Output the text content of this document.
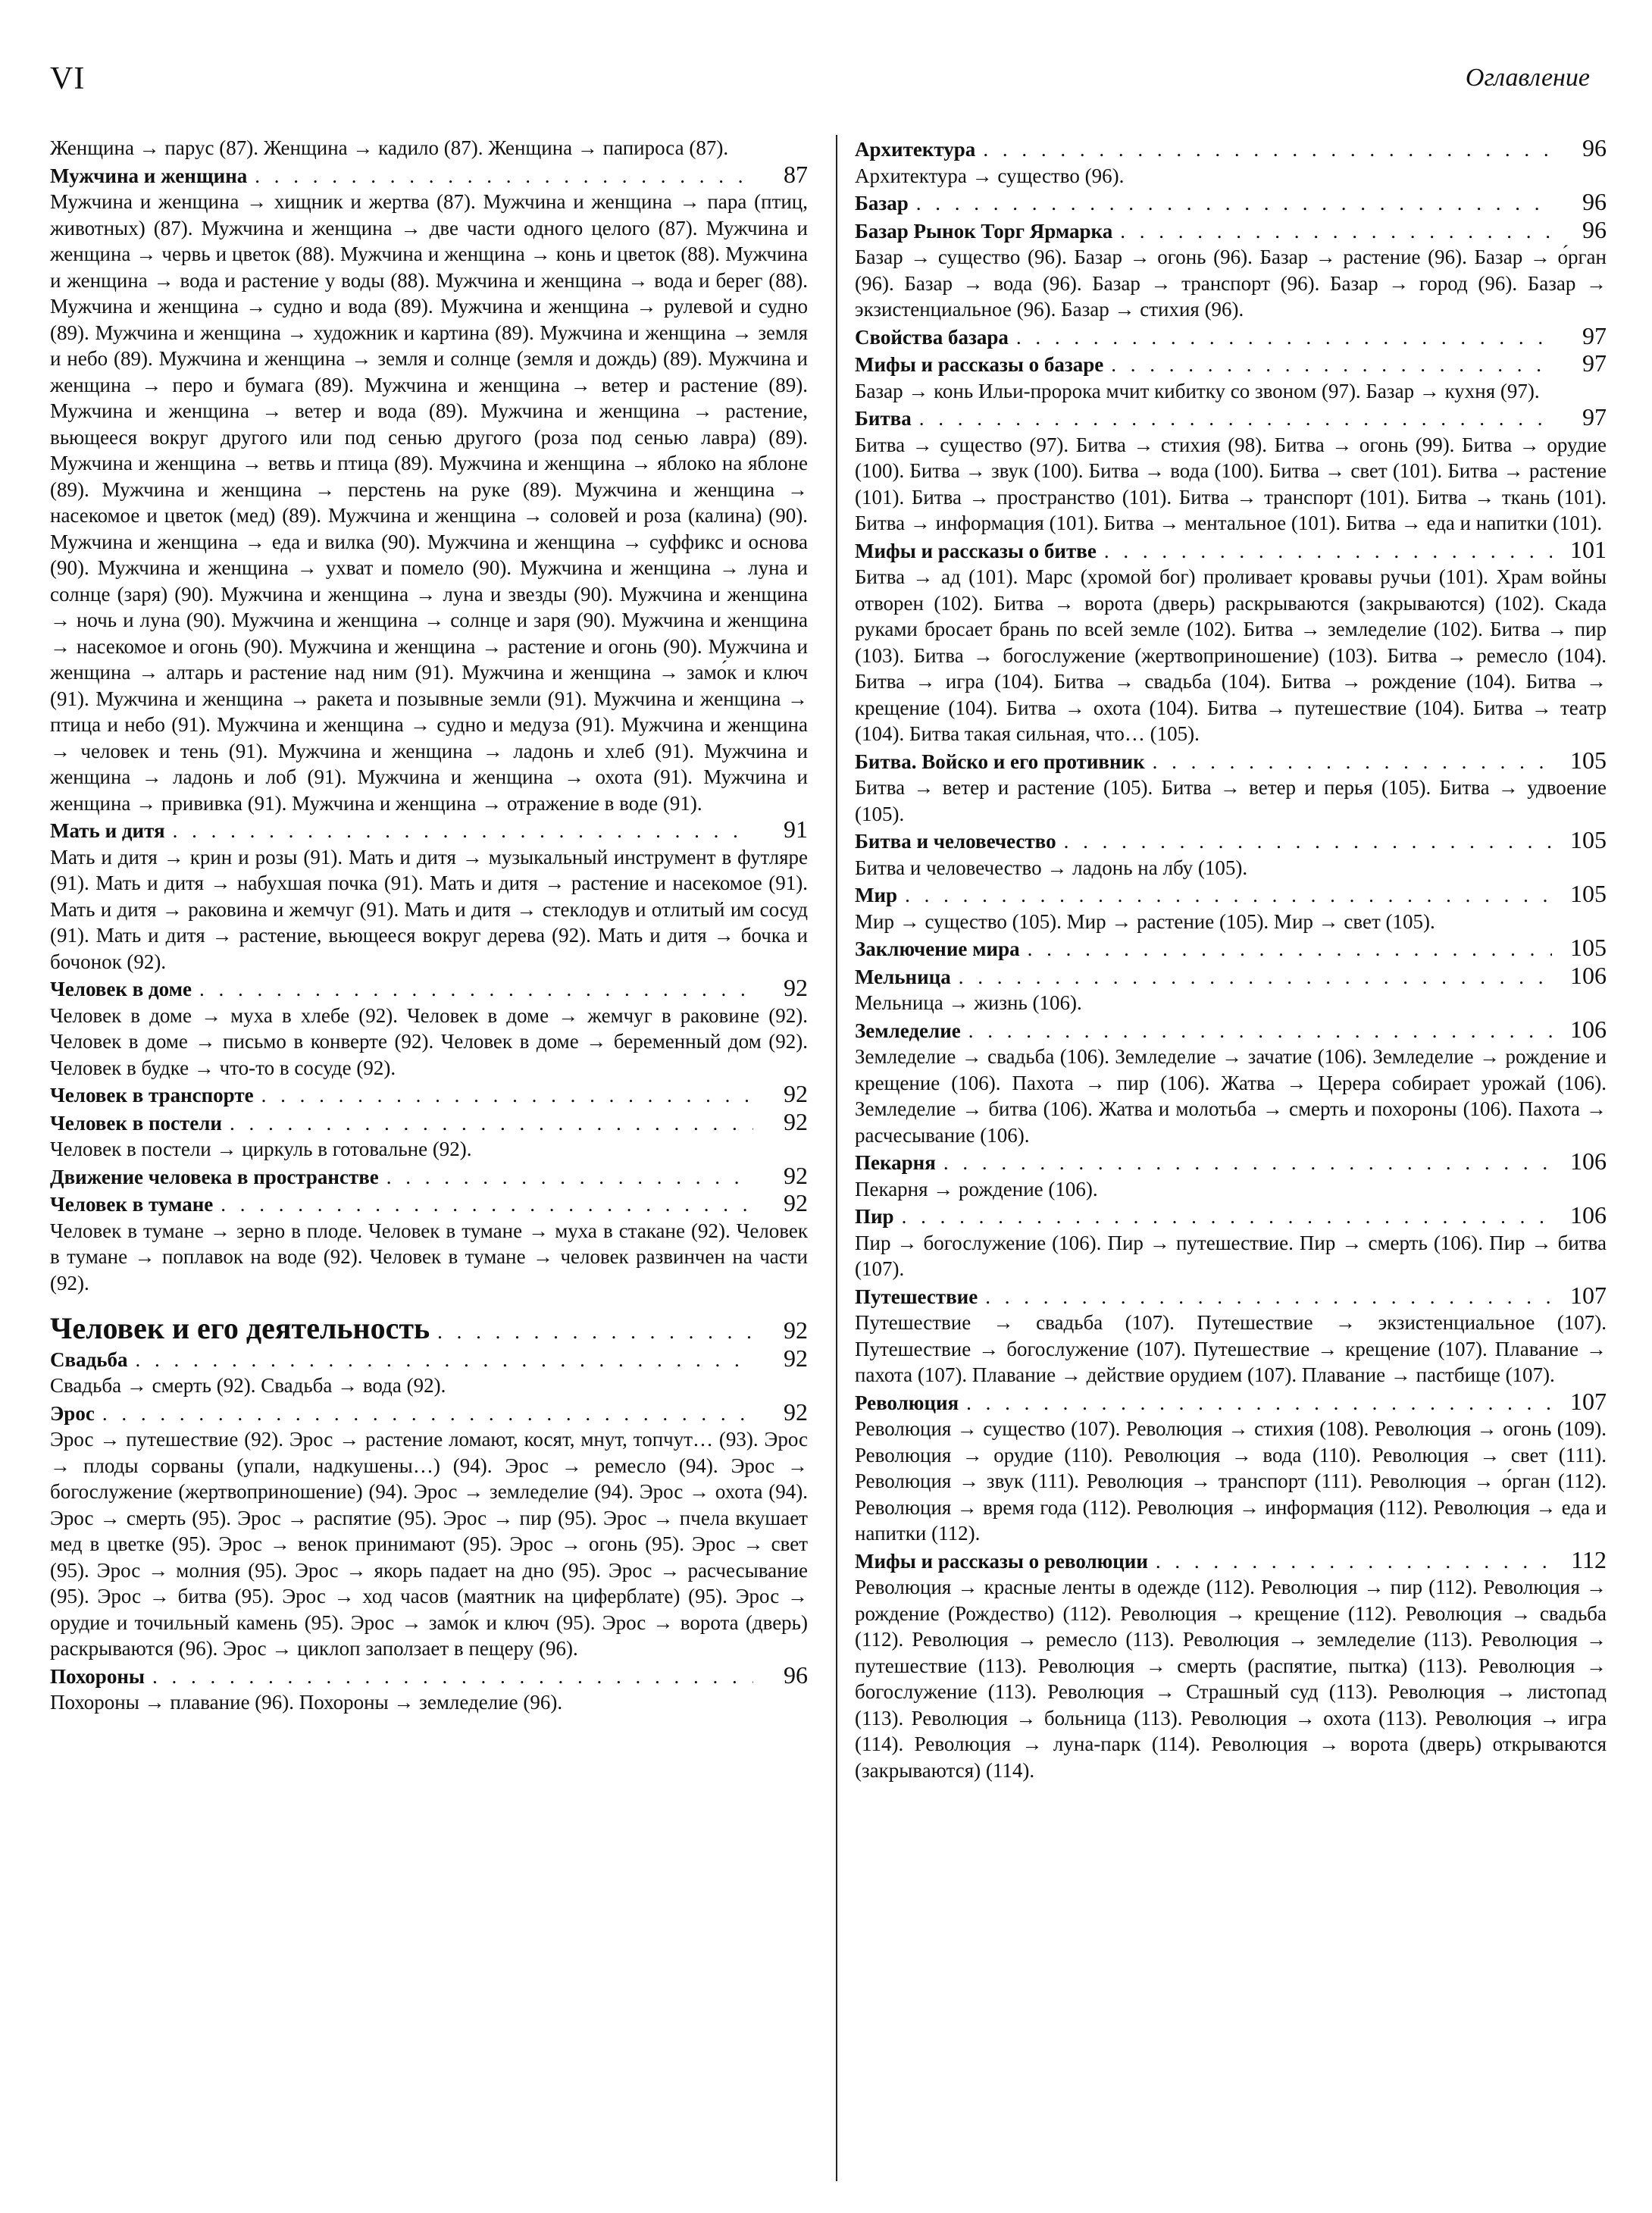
VI	Оглавление

Женщина → парус (87). Женщина → кадило (87). Женщина → папироса (87).

Мужчина и женщина . . .	87

Мужчина и женщина → хищник и жертва (87). Мужчина и женщина → пара (птиц, животных) (87). Мужчина и женщина → две части одного целого (87). Мужчина и женщина → червь и цветок (88). Мужчина и женщина → конь и цветок (88). Мужчина и женщина → вода и растение у воды (88). Мужчина и женщина → вода и берег (88). Мужчина и женщина → судно и вода (89). Мужчина и женщина → рулевой и судно (89). Мужчина и женщина → художник и картина (89). Мужчина и женщина → земля и небо (89). Мужчина и женщина → земля и солнце (земля и дождь) (89). Мужчина и женщина → перо и бумага (89). Мужчина и женщина → ветер и растение (89). Мужчина и женщина → ветер и вода (89). Мужчина и женщина → растение, вьющееся вокруг другого или под сенью другого (роза под сенью лавра) (89). Мужчина и женщина → ветвь и птица (89). Мужчина и женщина → яблоко на яблоне (89). Мужчина и женщина → перстень на руке (89). Мужчина и женщина → насекомое и цветок (мед) (89). Мужчина и женщина → соловей и роза (калина) (90). Мужчина и женщина → еда и вилка (90). Мужчина и женщина → суффикс и основа (90). Мужчина и женщина → ухват и помело (90). Мужчина и женщина → луна и солнце (заря) (90). Мужчина и женщина → луна и звезды (90). Мужчина и женщина → ночь и луна (90). Мужчина и женщина → солнце и заря (90). Мужчина и женщина → насекомое и огонь (90). Мужчина и женщина → растение и огонь (90). Мужчина и женщина → алтарь и растение над ним (91). Мужчина и женщина → замо́к и ключ (91). Мужчина и женщина → ракета и позывные земли (91). Мужчина и женщина → птица и небо (91). Мужчина и женщина → судно и медуза (91). Мужчина и женщина → человек и тень (91). Мужчина и женщина → ладонь и хлеб (91). Мужчина и женщина → ладонь и лоб (91). Мужчина и женщина → охота (91). Мужчина и женщина → прививка (91). Мужчина и женщина → отражение в воде (91).

Мать и дитя . . .	91

Мать и дитя → крин и розы (91). Мать и дитя → музыкальный инструмент в футляре (91). Мать и дитя → набухшая почка (91). Мать и дитя → растение и насекомое (91). Мать и дитя → раковина и жемчуг (91). Мать и дитя → стеклодув и отлитый им сосуд (91). Мать и дитя → растение, вьющееся вокруг дерева (92). Мать и дитя → бочка и бочонок (92).

Человек в доме . . .	92

Человек в доме → муха в хлебе (92). Человек в доме → жемчуг в раковине (92). Человек в доме → письмо в конверте (92). Человек в доме → беременный дом (92). Человек в будке → что-то в сосуде (92).

Человек в транспорте . . .	92
Человек в постели . . .	92

Человек в постели → циркуль в готовальне (92).

Движение человека в пространстве . . .	92
Человек в тумане . . .	92

Человек в тумане → зерно в плоде. Человек в тумане → муха в стакане (92). Человек в тумане → поплавок на воде (92). Человек в тумане → человек развинчен на части (92).

Человек и его деятельность . . .	92
Свадьба . . .	92

Свадьба → смерть (92). Свадьба → вода (92).

Эрос . . .	92

Эрос → путешествие (92). Эрос → растение ломают, косят, мнут, топчут… (93). Эрос → плоды сорваны (упали, надкушены…) (94). Эрос → ремесло (94). Эрос → богослужение (жертвоприношение) (94). Эрос → земледелие (94). Эрос → охота (94). Эрос → смерть (95). Эрос → распятие (95). Эрос → пир (95). Эрос → пчела вкушает мед в цветке (95). Эрос → венок принимают (95). Эрос → огонь (95). Эрос → свет (95). Эрос → молния (95). Эрос → якорь падает на дно (95). Эрос → расчесывание (95). Эрос → битва (95). Эрос → ход часов (маятник на циферблате) (95). Эрос → орудие и точильный камень (95). Эрос → замо́к и ключ (95). Эрос → ворота (дверь) раскрываются (96). Эрос → циклоп заползает в пещеру (96).

Похороны . . .	96

Похороны → плавание (96). Похороны → земледелие (96).

Архитектура . . .	96

Архитектура → существо (96).

Базар . . .	96
Базар Рынок Торг Ярмарка . . .	96

Базар → существо (96). Базар → огонь (96). Базар → растение (96). Базар → о́рган (96). Базар → вода (96). Базар → транспорт (96). Базар → город (96). Базар → экзистенциальное (96). Базар → стихия (96).

Свойства базара . . .	97
Мифы и рассказы о базаре . . .	97

Базар → конь Ильи-пророка мчит кибитку со звоном (97). Базар → кухня (97).

Битва . . .	97

Битва → существо (97). Битва → стихия (98). Битва → огонь (99). Битва → орудие (100). Битва → звук (100). Битва → вода (100). Битва → свет (101). Битва → растение (101). Битва → пространство (101). Битва → транспорт (101). Битва → ткань (101). Битва → информация (101). Битва → ментальное (101). Битва → еда и напитки (101).

Мифы и рассказы о битве . . .	101

Битва → ад (101). Марс (хромой бог) проливает кровавы ручьи (101). Храм войны отворен (102). Битва → ворота (дверь) раскрываются (закрываются) (102). Скада руками бросает брань по всей земле (102). Битва → земледелие (102). Битва → пир (103). Битва → богослужение (жертвоприношение) (103). Битва → ремесло (104). Битва → игра (104). Битва → свадьба (104). Битва → рождение (104). Битва → крещение (104). Битва → охота (104). Битва → путешествие (104). Битва → театр (104). Битва такая сильная, что… (105).

Битва. Войско и его противник . . .	105

Битва → ветер и растение (105). Битва → ветер и перья (105). Битва → удвоение (105).

Битва и человечество . . .	105

Битва и человечество → ладонь на лбу (105).

Мир . . .	105

Мир → существо (105). Мир → растение (105). Мир → свет (105).

Заключение мира . . .	105
Мельница . . .	106

Мельница → жизнь (106).

Земледелие . . .	106

Земледелие → свадьба (106). Земледелие → зачатие (106). Земледелие → рождение и крещение (106). Пахота → пир (106). Жатва → Церера собирает урожай (106). Земледелие → битва (106). Жатва и молотьба → смерть и похороны (106). Пахота → расчесывание (106).

Пекарня . . .	106

Пекарня → рождение (106).

Пир . . .	106

Пир → богослужение (106). Пир → путешествие. Пир → смерть (106). Пир → битва (107).

Путешествие . . .	107

Путешествие → свадьба (107). Путешествие → экзистенциальное (107). Путешествие → богослужение (107). Путешествие → крещение (107). Плавание → пахота (107). Плавание → действие орудием (107). Плавание → пастбище (107).

Революция . . .	107

Революция → существо (107). Революция → стихия (108). Революция → огонь (109). Революция → орудие (110). Революция → вода (110). Революция → свет (111). Революция → звук (111). Революция → транспорт (111). Революция → о́рган (112). Революция → время года (112). Революция → информация (112). Революция → еда и напитки (112).

Мифы и рассказы о революции . . .	112

Революция → красные ленты в одежде (112). Революция → пир (112). Революция → рождение (Рождество) (112). Революция → крещение (112). Революция → свадьба (112). Революция → ремесло (113). Революция → земледелие (113). Революция → путешествие (113). Революция → смерть (распятие, пытка) (113). Революция → богослужение (113). Революция → Страшный суд (113). Революция → листопад (113). Революция → больница (113). Революция → охота (113). Революция → игра (114). Революция → луна-парк (114). Революция → ворота (дверь) открываются (закрываются) (114).
